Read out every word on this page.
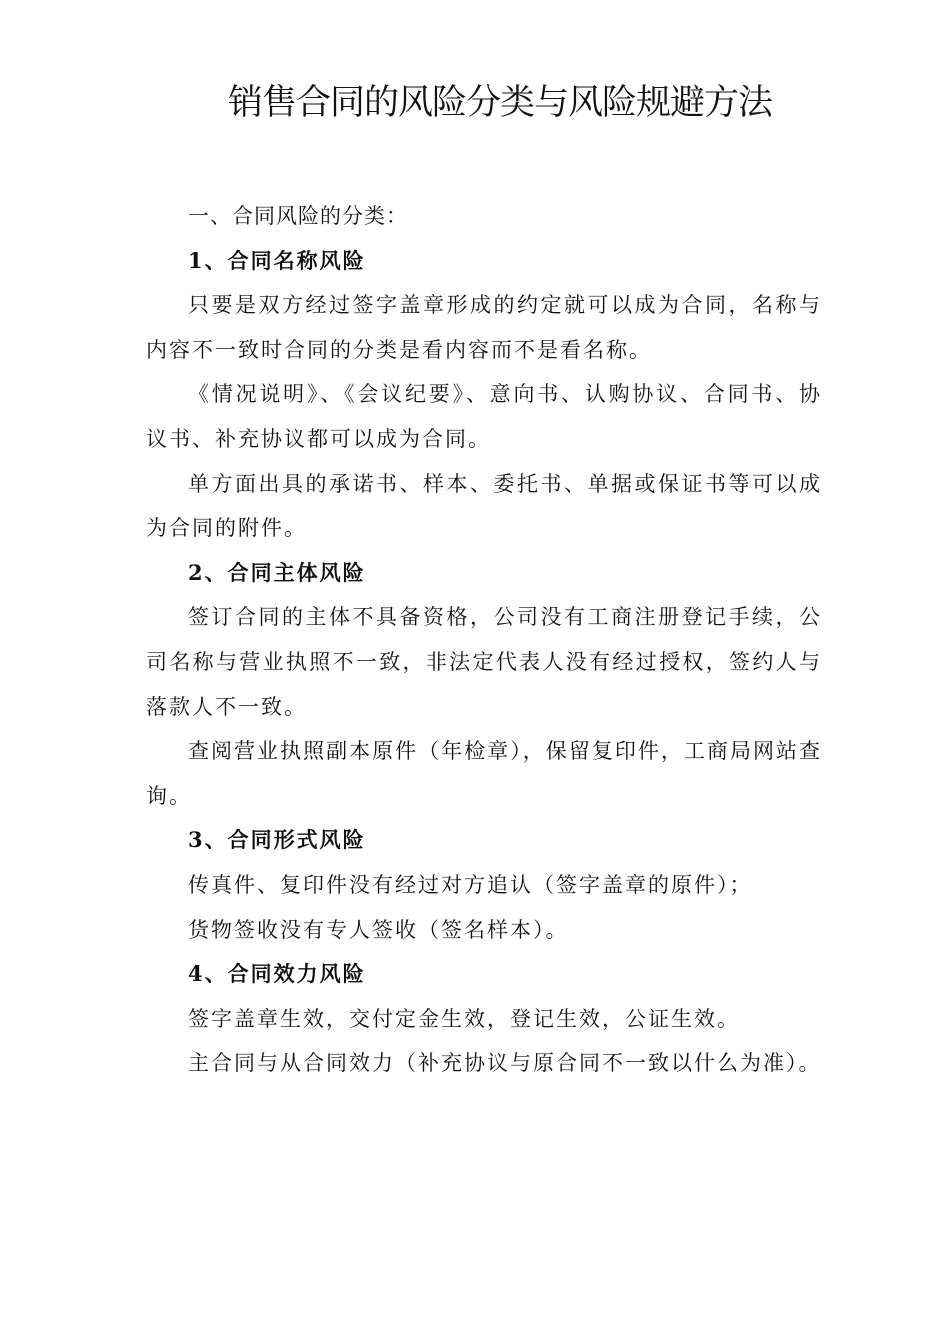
销售合同的风险分类与风险规避方法

一、合同风险的分类：

1、合同名称风险

只要是双方经过签字盖章形成的约定就可以成为合同，名称与内容不一致时合同的分类是看内容而不是看名称。

《情况说明》、《会议纪要》、意向书、认购协议、合同书、协议书、补充协议都可以成为合同。

单方面出具的承诺书、样本、委托书、单据或保证书等可以成为合同的附件。

2、合同主体风险

签订合同的主体不具备资格，公司没有工商注册登记手续，公司名称与营业执照不一致，非法定代表人没有经过授权，签约人与落款人不一致。

查阅营业执照副本原件（年检章），保留复印件，工商局网站查询。

3、合同形式风险

传真件、复印件没有经过对方追认（签字盖章的原件）；

货物签收没有专人签收（签名样本）。

4、合同效力风险

签字盖章生效，交付定金生效，登记生效，公证生效。

主合同与从合同效力（补充协议与原合同不一致以什么为准）。
